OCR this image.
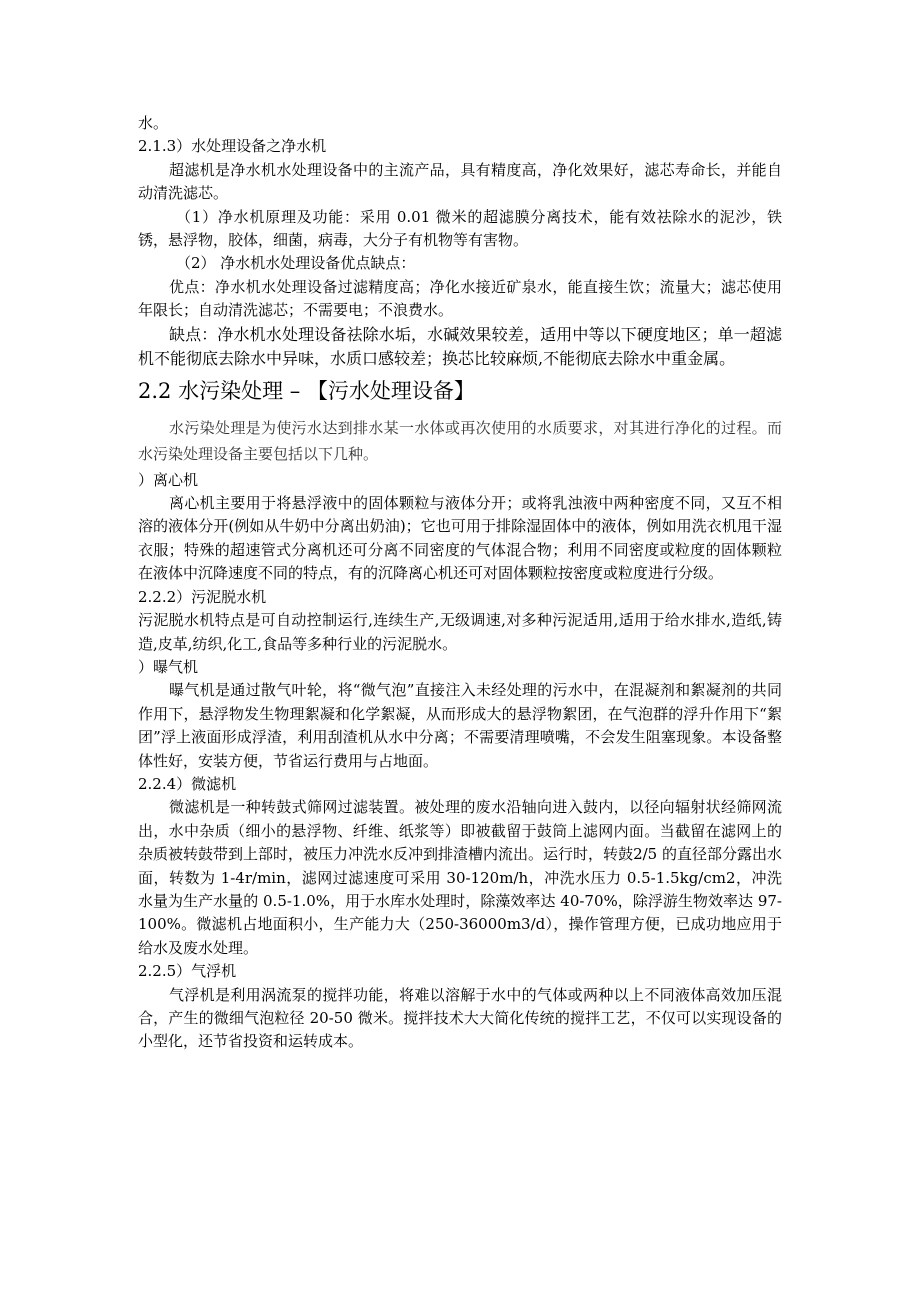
水。

2.1.3）水处理设备之净水机

超滤机是净水机水处理设备中的主流产品，具有精度高，净化效果好，滤芯寿命长，并能自动清洗滤芯。

（1）净水机原理及功能：采用 0.01 微米的超滤膜分离技术，能有效祛除水的泥沙，铁锈，悬浮物，胶体，细菌，病毒，大分子有机物等有害物。

（2） 净水机水处理设备优点缺点：

优点：净水机水处理设备过滤精度高；净化水接近矿泉水，能直接生饮；流量大；滤芯使用年限长；自动清洗滤芯；不需要电；不浪费水。

缺点：净水机水处理设备祛除水垢，水碱效果较差，适用中等以下硬度地区；单一超滤机不能彻底去除水中异味，水质口感较差；换芯比较麻烦,不能彻底去除水中重金属。

2.2 水污染处理 – 【污水处理设备】

水污染处理是为使污水达到排水某一水体或再次使用的水质要求，对其进行净化的过程。而水污染处理设备主要包括以下几种。

）离心机

离心机主要用于将悬浮液中的固体颗粒与液体分开；或将乳浊液中两种密度不同，又互不相溶的液体分开(例如从牛奶中分离出奶油)；它也可用于排除湿固体中的液体，例如用洗衣机甩干湿衣服；特殊的超速管式分离机还可分离不同密度的气体混合物；利用不同密度或粒度的固体颗粒在液体中沉降速度不同的特点，有的沉降离心机还可对固体颗粒按密度或粒度进行分级。

2.2.2）污泥脱水机

污泥脱水机特点是可自动控制运行,连续生产,无级调速,对多种污泥适用,适用于给水排水,造纸,铸造,皮革,纺织,化工,食品等多种行业的污泥脱水。

）曝气机

曝气机是通过散气叶轮，将“微气泡”直接注入未经处理的污水中，在混凝剂和絮凝剂的共同作用下，悬浮物发生物理絮凝和化学絮凝，从而形成大的悬浮物絮团，在气泡群的浮升作用下“絮团”浮上液面形成浮渣，利用刮渣机从水中分离；不需要清理喷嘴，不会发生阻塞现象。本设备整体性好，安装方便，节省运行费用与占地面。

2.2.4）微滤机

微滤机是一种转鼓式筛网过滤装置。被处理的废水沿轴向进入鼓内，以径向辐射状经筛网流出，水中杂质（细小的悬浮物、纤维、纸浆等）即被截留于鼓筒上滤网内面。当截留在滤网上的杂质被转鼓带到上部时，被压力冲洗水反冲到排渣槽内流出。运行时，转鼓2/5 的直径部分露出水面，转数为 1-4r/min，滤网过滤速度可采用 30-120m/h，冲洗水压力 0.5-1.5kg/cm2，冲洗水量为生产水量的 0.5-1.0%，用于水库水处理时，除藻效率达 40-70%，除浮游生物效率达 97-100%。微滤机占地面积小，生产能力大（250-36000m3/d），操作管理方便，已成功地应用于给水及废水处理。

2.2.5）气浮机

气浮机是利用涡流泵的搅拌功能，将难以溶解于水中的气体或两种以上不同液体高效加压混合，产生的微细气泡粒径 20-50 微米。搅拌技术大大简化传统的搅拌工艺，不仅可以实现设备的小型化，还节省投资和运转成本。
